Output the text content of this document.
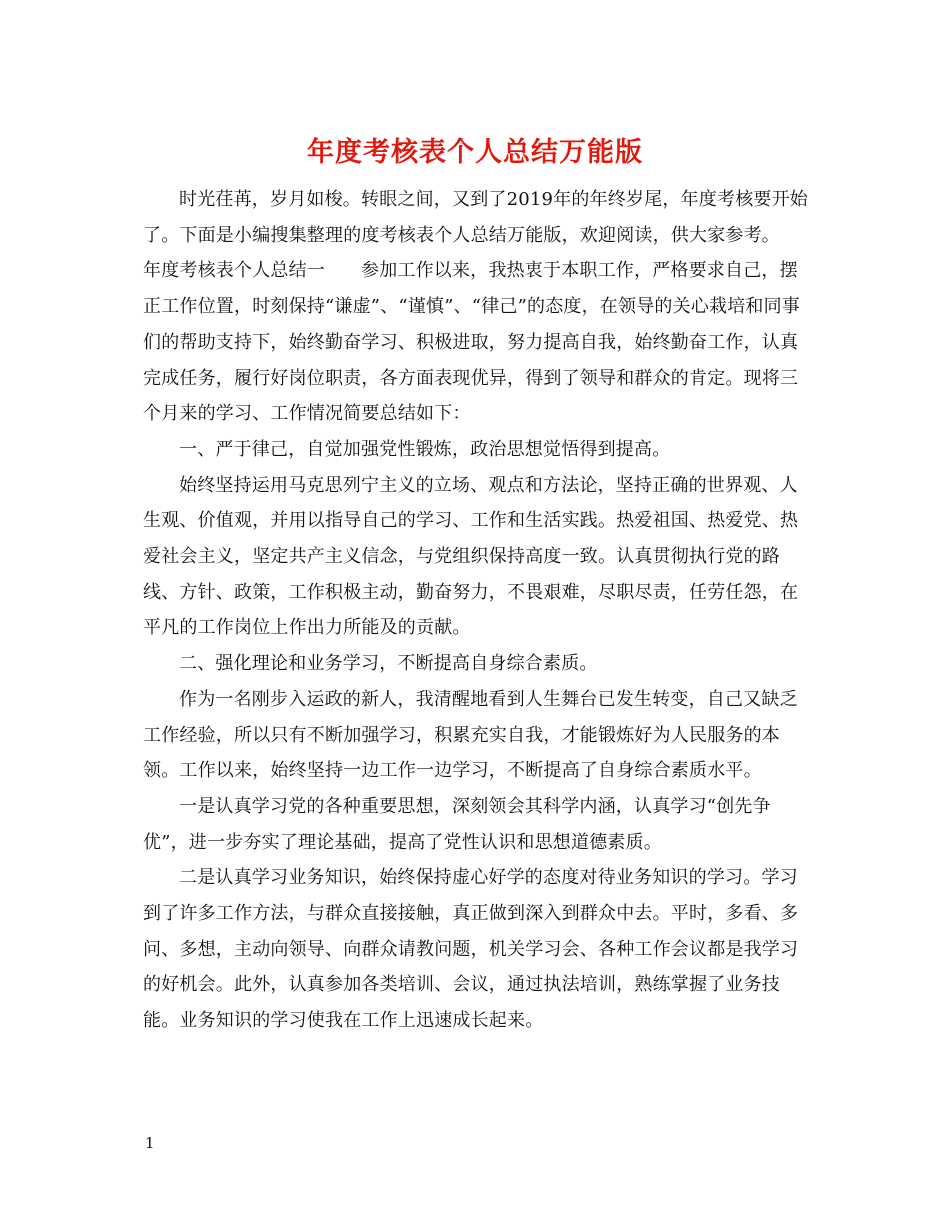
年度考核表个人总结万能版

时光荏苒，岁月如梭。转眼之间，又到了2019年的年终岁尾，年度考核要开始了。下面是小编搜集整理的度考核表个人总结万能版，欢迎阅读，供大家参考。

年度考核表个人总结一 参加工作以来，我热衷于本职工作，严格要求自己，摆正工作位置，时刻保持“谦虚”、“谨慎”、“律己”的态度，在领导的关心栽培和同事们的帮助支持下，始终勤奋学习、积极进取，努力提高自我，始终勤奋工作，认真完成任务，履行好岗位职责，各方面表现优异，得到了领导和群众的肯定。现将三个月来的学习、工作情况简要总结如下：

一、严于律己，自觉加强党性锻炼，政治思想觉悟得到提高。

始终坚持运用马克思列宁主义的立场、观点和方法论，坚持正确的世界观、人生观、价值观，并用以指导自己的学习、工作和生活实践。热爱祖国、热爱党、热爱社会主义，坚定共产主义信念，与党组织保持高度一致。认真贯彻执行党的路线、方针、政策，工作积极主动，勤奋努力，不畏艰难，尽职尽责，任劳任怨，在平凡的工作岗位上作出力所能及的贡献。

二、强化理论和业务学习，不断提高自身综合素质。

作为一名刚步入运政的新人，我清醒地看到人生舞台已发生转变，自己又缺乏工作经验，所以只有不断加强学习，积累充实自我，才能锻炼好为人民服务的本领。工作以来，始终坚持一边工作一边学习，不断提高了自身综合素质水平。

一是认真学习党的各种重要思想，深刻领会其科学内涵，认真学习“创先争优”，进一步夯实了理论基础，提高了党性认识和思想道德素质。

二是认真学习业务知识，始终保持虚心好学的态度对待业务知识的学习。学习到了许多工作方法，与群众直接接触，真正做到深入到群众中去。平时，多看、多问、多想，主动向领导、向群众请教问题，机关学习会、各种工作会议都是我学习的好机会。此外，认真参加各类培训、会议，通过执法培训，熟练掌握了业务技能。业务知识的学习使我在工作上迅速成长起来。

1
